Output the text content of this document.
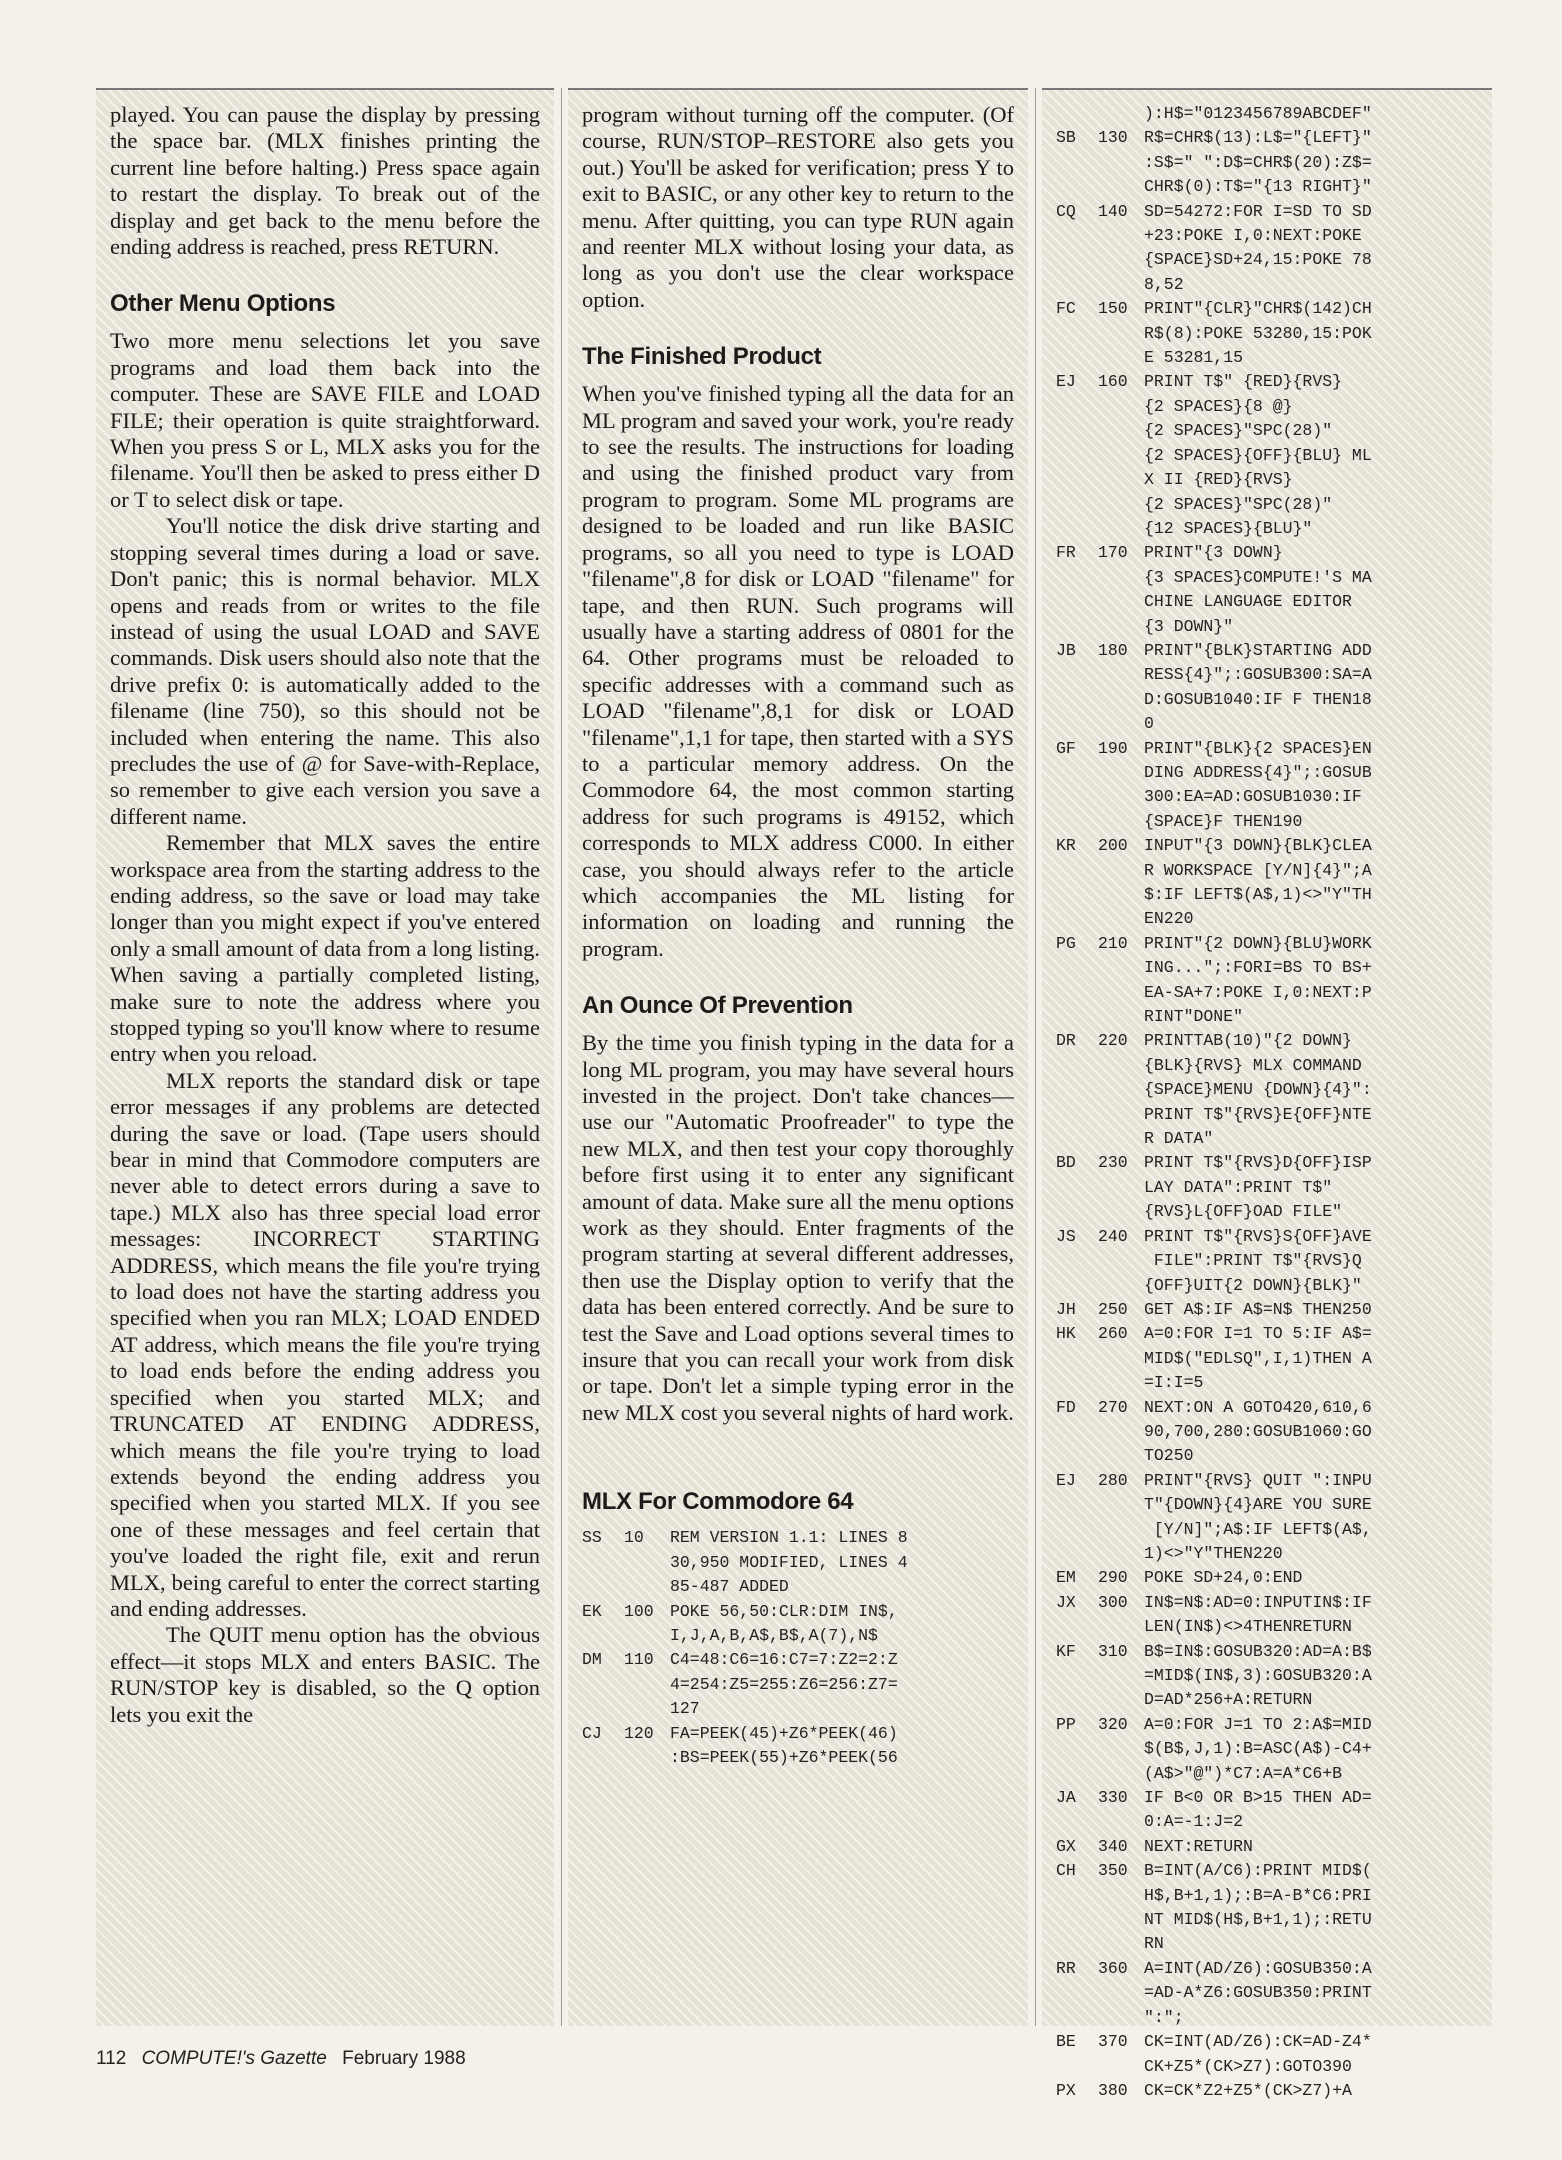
played. You can pause the display by pressing the space bar. (MLX finishes printing the current line before halting.) Press space again to restart the display. To break out of the display and get back to the menu before the ending address is reached, press RETURN.

Other Menu Options

Two more menu selections let you save programs and load them back into the computer. These are SAVE FILE and LOAD FILE; their operation is quite straightforward. When you press S or L, MLX asks you for the filename. You'll then be asked to press either D or T to select disk or tape.

You'll notice the disk drive starting and stopping several times during a load or save. Don't panic; this is normal behavior. MLX opens and reads from or writes to the file instead of using the usual LOAD and SAVE commands. Disk users should also note that the drive prefix 0: is automatically added to the filename (line 750), so this should not be included when entering the name. This also precludes the use of @ for Save-with-Replace, so remember to give each version you save a different name.

Remember that MLX saves the entire workspace area from the starting address to the ending address, so the save or load may take longer than you might expect if you've entered only a small amount of data from a long listing. When saving a partially completed listing, make sure to note the address where you stopped typing so you'll know where to resume entry when you reload.

MLX reports the standard disk or tape error messages if any problems are detected during the save or load. (Tape users should bear in mind that Commodore computers are never able to detect errors during a save to tape.) MLX also has three special load error messages: INCORRECT STARTING ADDRESS, which means the file you're trying to load does not have the starting address you specified when you ran MLX; LOAD ENDED AT address, which means the file you're trying to load ends before the ending address you specified when you started MLX; and TRUNCATED AT ENDING ADDRESS, which means the file you're trying to load extends beyond the ending address you specified when you started MLX. If you see one of these messages and feel certain that you've loaded the right file, exit and rerun MLX, being careful to enter the correct starting and ending addresses.

The QUIT menu option has the obvious effect—it stops MLX and enters BASIC. The RUN/STOP key is disabled, so the Q option lets you exit the

program without turning off the computer. (Of course, RUN/STOP–RESTORE also gets you out.) You'll be asked for verification; press Y to exit to BASIC, or any other key to return to the menu. After quitting, you can type RUN again and reenter MLX without losing your data, as long as you don't use the clear workspace option.

The Finished Product

When you've finished typing all the data for an ML program and saved your work, you're ready to see the results. The instructions for loading and using the finished product vary from program to program. Some ML programs are designed to be loaded and run like BASIC programs, so all you need to type is LOAD "filename",8 for disk or LOAD "filename" for tape, and then RUN. Such programs will usually have a starting address of 0801 for the 64. Other programs must be reloaded to specific addresses with a command such as LOAD "filename",8,1 for disk or LOAD "filename",1,1 for tape, then started with a SYS to a particular memory address. On the Commodore 64, the most common starting address for such programs is 49152, which corresponds to MLX address C000. In either case, you should always refer to the article which accompanies the ML listing for information on loading and running the program.

An Ounce Of Prevention

By the time you finish typing in the data for a long ML program, you may have several hours invested in the project. Don't take chances—use our "Automatic Proofreader" to type the new MLX, and then test your copy thoroughly before first using it to enter any significant amount of data. Make sure all the menu options work as they should. Enter fragments of the program starting at several different addresses, then use the Display option to verify that the data has been entered correctly. And be sure to test the Save and Load options several times to insure that you can recall your work from disk or tape. Don't let a simple typing error in the new MLX cost you several nights of hard work.

MLX For Commodore 64
SS	10	REM VERSION 1.1: LINES 8
30,950 MODIFIED, LINES 4
85-487 ADDED
EK	100 POKE 56,50:CLR:DIM IN$,
I,J,A,B,A$,B$,A(7),N$
DM	110 C4=48:C6=16:C7=7:Z2=2:Z
4=254:Z5=255:Z6=256:Z7=
127
CJ	120 FA=PEEK(45)+Z6*PEEK(46)
:BS=PEEK(55)+Z6*PEEK(56
):H$="0123456789ABCDEF"
SB	130 R$=CHR$(13):L$="{LEFT}"
:S$=" ":D$=CHR$(20):Z$=
CHR$(0):T$="{13 RIGHT}"
CQ	140 SD=54272:FOR I=SD TO SD
+23:POKE I,0:NEXT:POKE
{SPACE}SD+24,15:POKE 78
8,52
FC	150 PRINT"{CLR}"CHR$(142)CH
R$(8):POKE 53280,15:POK
E 53281,15
EJ	160 PRINT T$" {RED}{RVS}
{2 SPACES}{8 @}
{2 SPACES}"SPC(28)"
{2 SPACES}{OFF}{BLU} ML
X II {RED}{RVS}
{2 SPACES}"SPC(28)"
{12 SPACES}{BLU}"
FR	170 PRINT"{3 DOWN}
{3 SPACES}COMPUTE!'S MA
CHINE LANGUAGE EDITOR
{3 DOWN}"
JB	180 PRINT"{BLK}STARTING ADD
RESS{4}";:GOSUB300:SA=A
D:GOSUB1040:IF F THEN18
0
GF	190 PRINT"{BLK}{2 SPACES}EN
DING ADDRESS{4}";:GOSUB
300:EA=AD:GOSUB1030:IF
{SPACE}F THEN190
KR	200 INPUT"{3 DOWN}{BLK}CLEA
R WORKSPACE [Y/N]{4}";A
$:IF LEFT$(A$,1)<>"Y"TH
EN220
PG	210 PRINT"{2 DOWN}{BLU}WORK
ING...";:FORI=BS TO BS+
EA-SA+7:POKE I,0:NEXT:P
RINT"DONE"
DR	220 PRINTTAB(10)"{2 DOWN}
{BLK}{RVS} MLX COMMAND
{SPACE}MENU {DOWN}{4}":
PRINT T$"{RVS}E{OFF}NTE
R DATA"
BD	230 PRINT T$"{RVS}D{OFF}ISP
LAY DATA":PRINT T$"
{RVS}L{OFF}OAD FILE"
JS	240 PRINT T$"{RVS}S{OFF}AVE
FILE":PRINT T$"{RVS}Q
{OFF}UIT{2 DOWN}{BLK}"
JH	250 GET A$:IF A$=N$ THEN250
HK	260 A=0:FOR I=1 TO 5:IF A$=
MID$("EDLSQ",I,1)THEN A
=I:I=5
FD	270 NEXT:ON A GOTO420,610,6
90,700,280:GOSUB1060:GO
TO250
EJ	280 PRINT"{RVS} QUIT ":INPU
T"{DOWN}{4}ARE YOU SURE
[Y/N]";A$:IF LEFT$(A$,
1)<>"Y"THEN220
EM	290 POKE SD+24,0:END
JX	300 IN$=N$:AD=0:INPUTIN$:IF
LEN(IN$)<>4THENRETURN
KF	310 B$=IN$:GOSUB320:AD=A:B$
=MID$(IN$,3):GOSUB320:A
D=AD*256+A:RETURN
PP	320 A=0:FOR J=1 TO 2:A$=MID
$(B$,J,1):B=ASC(A$)-C4+
(A$>"@")*C7:A=A*C6+B
JA	330 IF B<0 OR B>15 THEN AD=
0:A=-1:J=2
GX	340 NEXT:RETURN
CH	350 B=INT(A/C6):PRINT MID$(
H$,B+1,1);:B=A-B*C6:PRI
NT MID$(H$,B+1,1);:RETU
RN
RR	360 A=INT(AD/Z6):GOSUB350:A
=AD-A*Z6:GOSUB350:PRINT
":";
BE	370 CK=INT(AD/Z6):CK=AD-Z4*
CK+Z5*(CK>Z7):GOTO390
PX	380 CK=CK*Z2+Z5*(CK>Z7)+A
112 COMPUTE!'s Gazette February 1988
